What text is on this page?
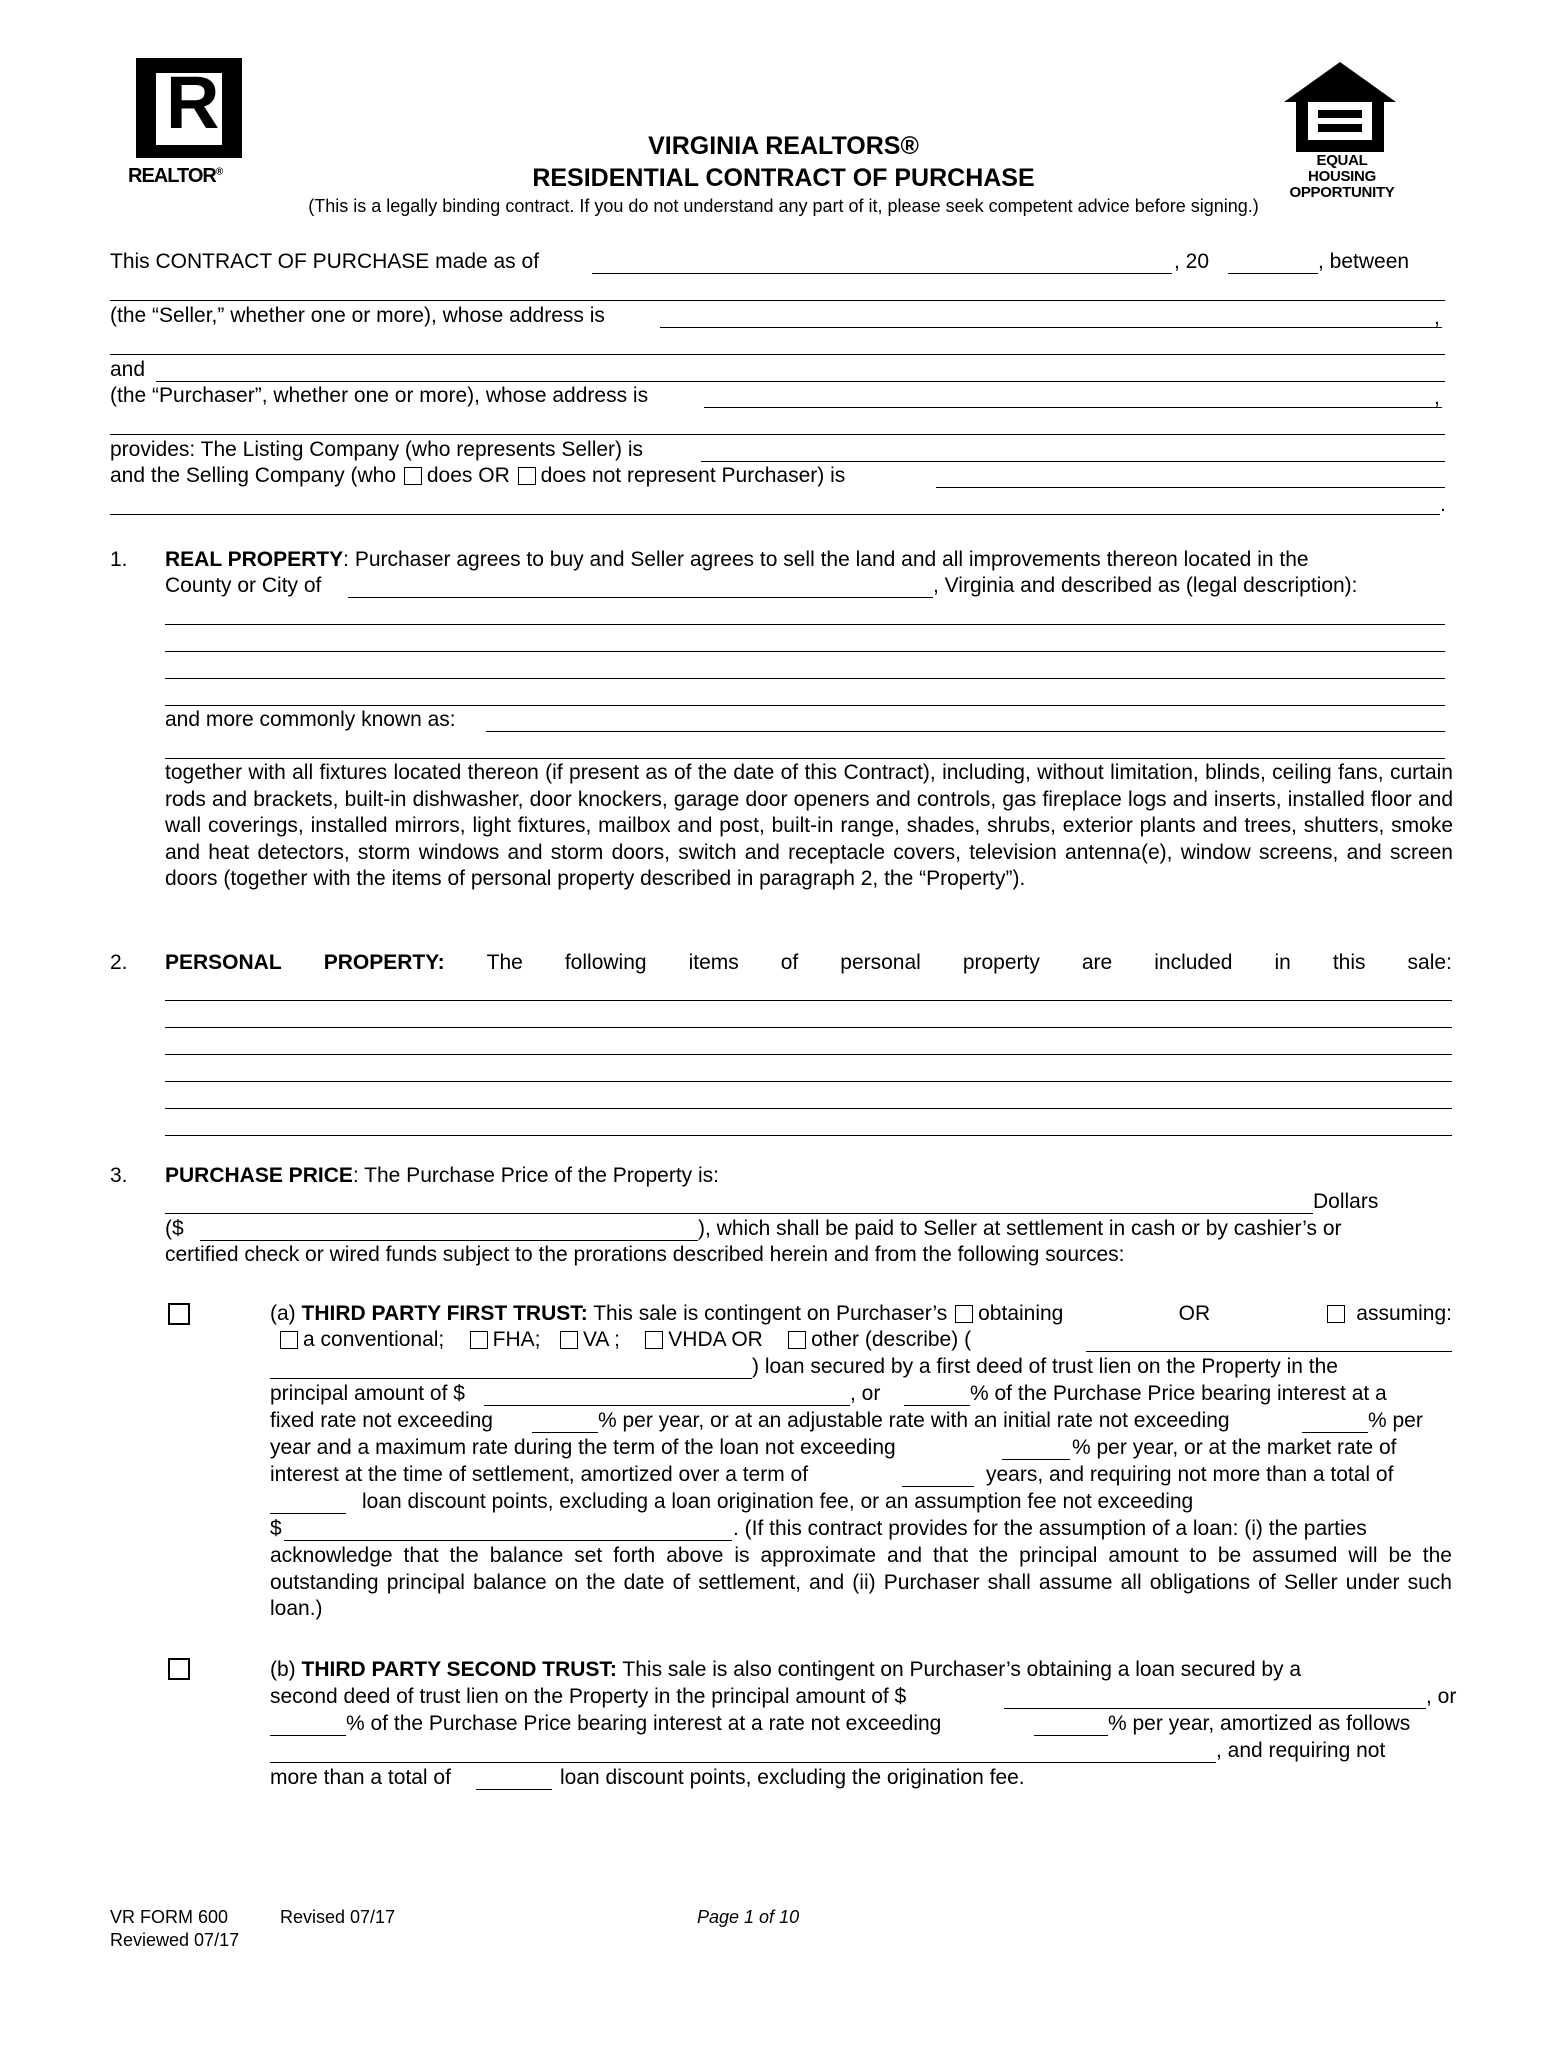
R
REALTOR®
EQUAL HOUSING
OPPORTUNITY
VIRGINIA REALTORS®
RESIDENTIAL CONTRACT OF PURCHASE
(This is a legally binding contract. If you do not understand any part of it, please seek competent advice before signing.)
This CONTRACT OF PURCHASE made as of	, 20	, between
(the “Seller,” whether one or more), whose address is	,
and
(the “Purchaser”, whether one or more), whose address is	,
provides: The Listing Company (who represents Seller) is
and the Selling Company (who does OR does not represent Purchaser) is
.
1. REAL PROPERTY: Purchaser agrees to buy and Seller agrees to sell the land and all improvements thereon located in the
County or City of	, Virginia and described as (legal description):
and more commonly known as:

together with all fixtures located thereon (if present as of the date of this Contract), including, without limitation, blinds, ceiling fans, curtain rods and brackets, built-in dishwasher, door knockers, garage door openers and controls, gas fireplace logs and inserts, installed floor and wall coverings, installed mirrors, light fixtures, mailbox and post, built-in range, shades, shrubs, exterior plants and trees, shutters, smoke and heat detectors, storm windows and storm doors, switch and receptacle covers, television antenna(e), window screens, and screen doors (together with the items of personal property described in paragraph 2, the “Property”).

2. PERSONAL PROPERTY: The following items of personal property are included in this sale:
3. PURCHASE PRICE: The Purchase Price of the Property is:
Dollars
($	), which shall be paid to Seller at settlement in cash or by cashier’s or
certified check or wired funds subject to the prorations described herein and from the following sources:
(a) THIRD PARTY FIRST TRUST: This sale is contingent on Purchaser’s obtaining	OR	assuming:
a conventional; FHA; VA ; VHDA OR other (describe) (
) loan secured by a first deed of trust lien on the Property in the
principal amount of $	, or	% of the Purchase Price bearing interest at a
fixed rate not exceeding	% per year, or at an adjustable rate with an initial rate not exceeding	% per
year and a maximum rate during the term of the loan not exceeding	% per year, or at the market rate of
interest at the time of settlement, amortized over a term of	years, and requiring not more than a total of
loan discount points, excluding a loan origination fee, or an assumption fee not exceeding
$	. (If this contract provides for the assumption of a loan: (i) the parties

acknowledge that the balance set forth above is approximate and that the principal amount to be assumed will be the outstanding principal balance on the date of settlement, and (ii) Purchaser shall assume all obligations of Seller under such loan.)

(b) THIRD PARTY SECOND TRUST: This sale is also contingent on Purchaser’s obtaining a loan secured by a
second deed of trust lien on the Property in the principal amount of $	, or
% of the Purchase Price bearing interest at a rate not exceeding	% per year, amortized as follows
, and requiring not
more than a total of	loan discount points, excluding the origination fee.
VR FORM 600	Revised 07/17
Reviewed 07/17
Page 1 of 10
